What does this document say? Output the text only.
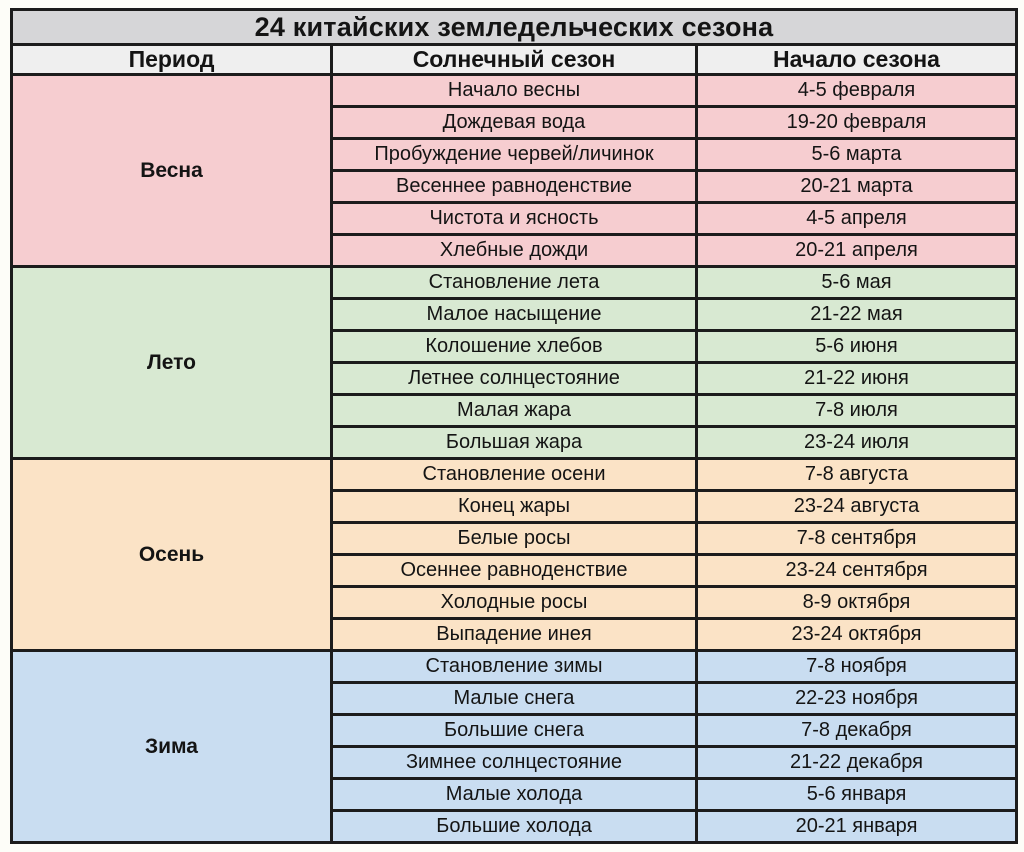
24 китайских земледельческих сезона		
Период	Солнечный сезон	Начало сезона
Весна	Начало весны	4-5 февраля
	Дождевая вода	19-20 февраля
	Пробуждение червей/личинок	5-6 марта
	Весеннее равноденствие	20-21 марта
	Чистота и ясность	4-5 апреля
	Хлебные дожди	20-21 апреля
Лето	Становление лета	5-6 мая
	Малое насыщение	21-22 мая
	Колошение хлебов	5-6 июня
	Летнее солнцестояние	21-22 июня
	Малая жара	7-8 июля
	Большая жара	23-24 июля
Осень	Становление осени	7-8 августа
	Конец жары	23-24 августа
	Белые росы	7-8 сентября
	Осеннее равноденствие	23-24 сентября
	Холодные росы	8-9 октября
	Выпадение инея	23-24 октября
Зима	Становление зимы	7-8 ноября
	Малые снега	22-23 ноября
	Большие снега	7-8 декабря
	Зимнее солнцестояние	21-22 декабря
	Малые холода	5-6 января
	Большие холода	20-21 января
